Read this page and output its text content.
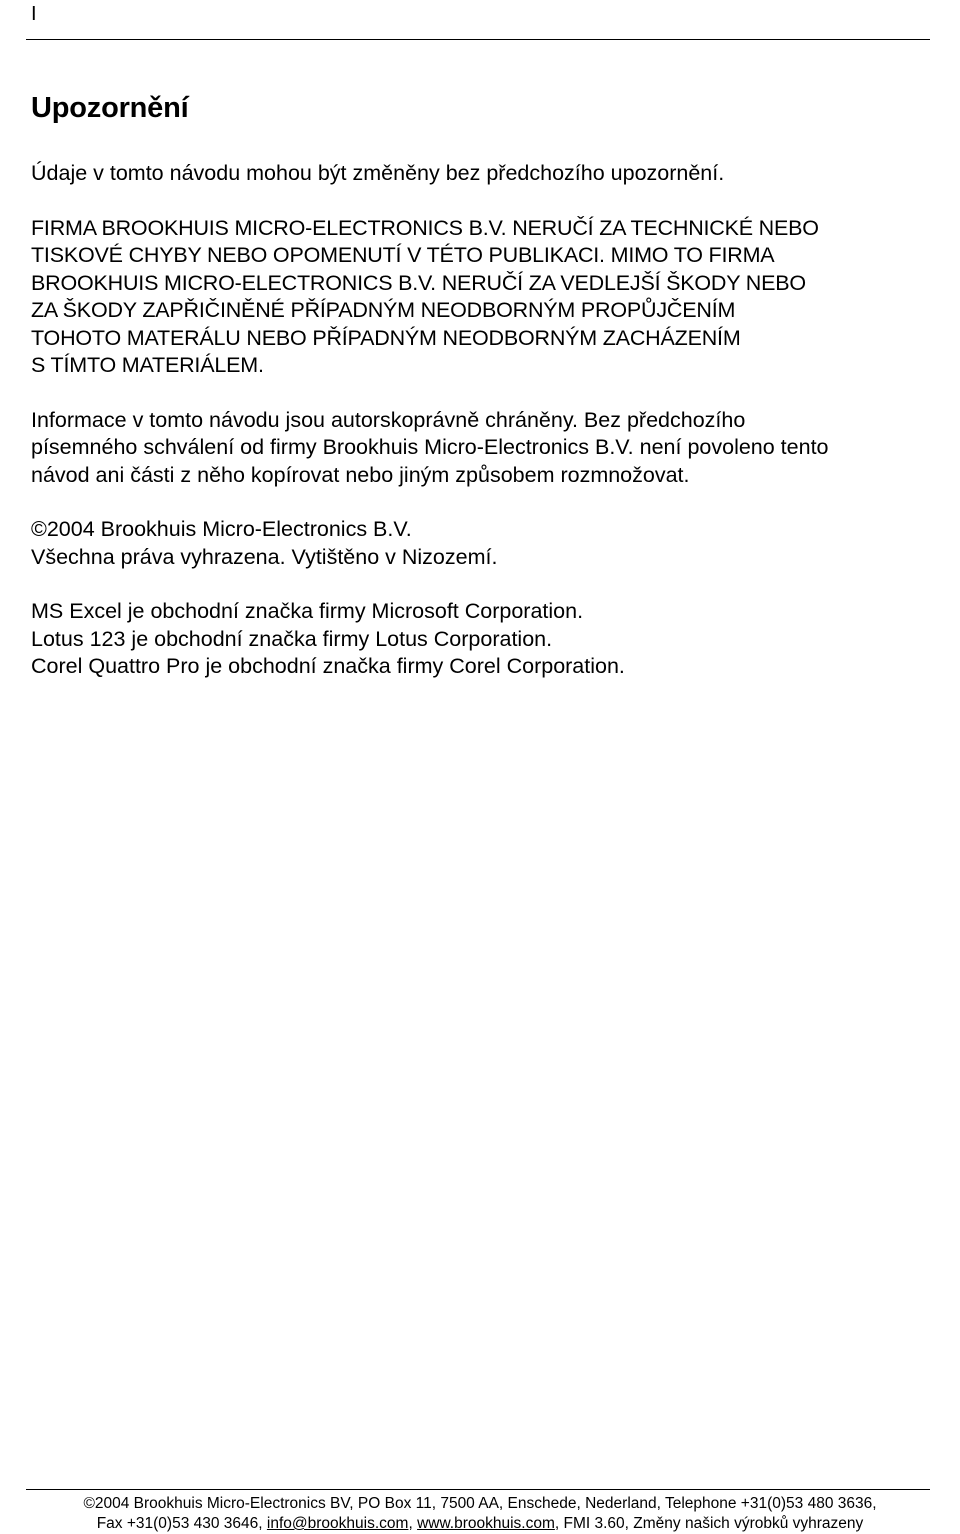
I
Upozornění

Údaje v tomto návodu mohou být změněny bez předchozího upozornění.

FIRMA BROOKHUIS MICRO-ELECTRONICS B.V. NERUČÍ ZA TECHNICKÉ NEBO
TISKOVÉ CHYBY NEBO OPOMENUTÍ V TÉTO PUBLIKACI. MIMO TO FIRMA
BROOKHUIS MICRO-ELECTRONICS B.V. NERUČÍ ZA VEDLEJŠÍ ŠKODY NEBO
ZA ŠKODY ZAPŘIČINĚNÉ PŘÍPADNÝM NEODBORNÝM PROPŮJČENÍM
TOHOTO MATERÁLU NEBO PŘÍPADNÝM NEODBORNÝM ZACHÁZENÍM
S TÍMTO MATERIÁLEM.

Informace v tomto návodu jsou autorskoprávně chráněny. Bez předchozího
písemného schválení od firmy Brookhuis Micro-Electronics B.V. není povoleno tento
návod ani části z něho kopírovat nebo jiným způsobem rozmnožovat.

©2004 Brookhuis Micro-Electronics B.V.
Všechna práva vyhrazena. Vytištěno v Nizozemí.

MS Excel je obchodní značka firmy Microsoft Corporation.
Lotus 123 je obchodní značka firmy Lotus Corporation.
Corel Quattro Pro je obchodní značka firmy Corel Corporation.

©2004 Brookhuis Micro-Electronics BV, PO Box 11, 7500 AA, Enschede, Nederland, Telephone +31(0)53 480 3636,
Fax +31(0)53 430 3646, info@brookhuis.com, www.brookhuis.com, FMI 3.60, Změny našich výrobků vyhrazeny
